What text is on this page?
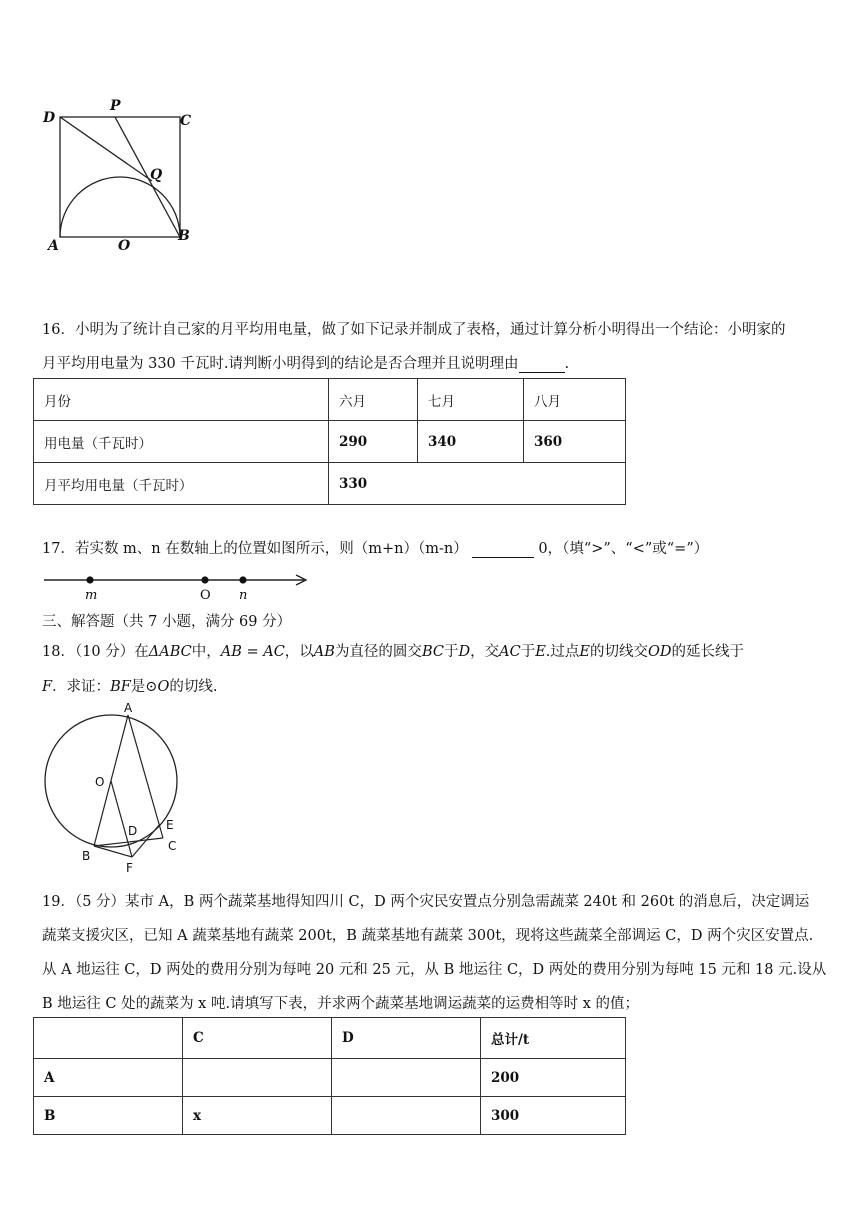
D
P
C
Q
A	O
B
16．小明为了统计自己家的月平均用电量，做了如下记录并制成了表格，通过计算分析小明得出一个结论：小明家的
月平均用电量为 330 千瓦时.请判断小明得到的结论是否合理并且说明理由	.
月份	六月	七月	八月
用电量（千瓦时）	290	340	360
月平均用电量（千瓦时）	330		
17．若实数 m、n 在数轴上的位置如图所示，则（m+n）（m-n）	0，（填“>”、“<”或“=”）
m	O n
三、解答题（共 7 小题，满分 69 分）
18．（10 分）在ΔABC中，AB = AC，以AB为直径的圆交BC于D，交AC于E.过点E的切线交OD的延长线于
F．求证：BF是⊙O的切线.
A
O
D E
B
C
F
19．（5 分）某市 A，B 两个蔬菜基地得知四川 C，D 两个灾民安置点分别急需蔬菜 240t 和 260t 的消息后，决定调运
蔬菜支援灾区，已知 A 蔬菜基地有蔬菜 200t，B 蔬菜基地有蔬菜 300t，现将这些蔬菜全部调运 C，D 两个灾区安置点.
从 A 地运往 C，D 两处的费用分别为每吨 20 元和 25 元，从 B 地运往 C，D 两处的费用分别为每吨 15 元和 18 元.设从
B 地运往 C 处的蔬菜为 x 吨.请填写下表，并求两个蔬菜基地调运蔬菜的运费相等时 x 的值；
	C	D	总计/t
A			200
B	x		300
